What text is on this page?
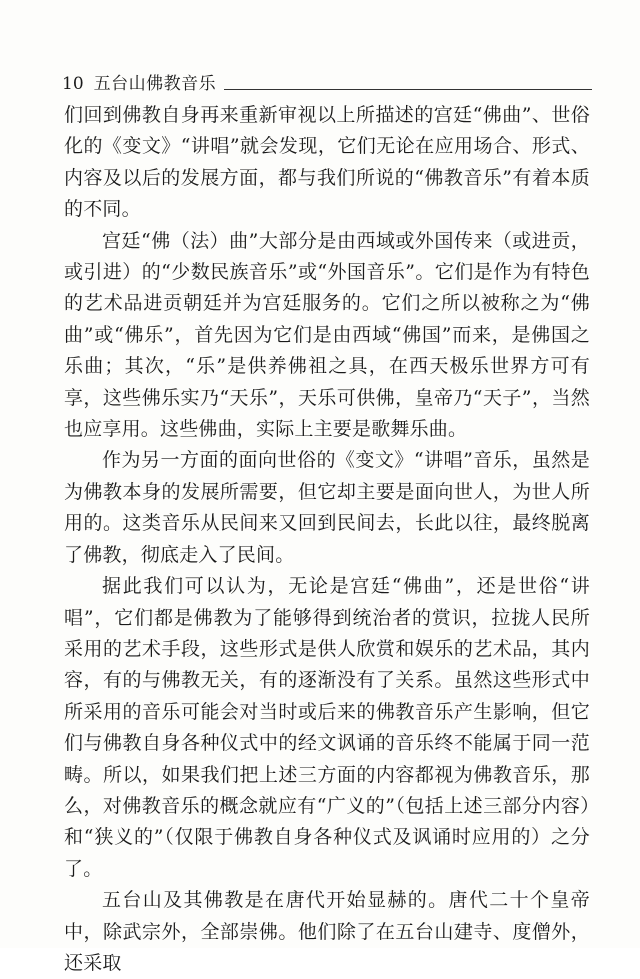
10 五台山佛教音乐

们回到佛教自身再来重新审视以上所描述的宫廷“佛曲”、世俗化的《变文》“讲唱”就会发现，它们无论在应用场合、形式、内容及以后的发展方面，都与我们所说的“佛教音乐”有着本质的不同。

宫廷“佛（法）曲”大部分是由西域或外国传来（或进贡，或引进）的“少数民族音乐”或“外国音乐”。它们是作为有特色的艺术品进贡朝廷并为宫廷服务的。它们之所以被称之为“佛曲”或“佛乐”，首先因为它们是由西域“佛国”而来，是佛国之乐曲；其次，“乐”是供养佛祖之具，在西天极乐世界方可有享，这些佛乐实乃“天乐”，天乐可供佛，皇帝乃“天子”，当然也应享用。这些佛曲，实际上主要是歌舞乐曲。

作为另一方面的面向世俗的《变文》“讲唱”音乐，虽然是为佛教本身的发展所需要，但它却主要是面向世人，为世人所用的。这类音乐从民间来又回到民间去，长此以往，最终脱离了佛教，彻底走入了民间。

据此我们可以认为，无论是宫廷“佛曲”，还是世俗“讲唱”，它们都是佛教为了能够得到统治者的赏识，拉拢人民所采用的艺术手段，这些形式是供人欣赏和娱乐的艺术品，其内容，有的与佛教无关，有的逐渐没有了关系。虽然这些形式中所采用的音乐可能会对当时或后来的佛教音乐产生影响，但它们与佛教自身各种仪式中的经文讽诵的音乐终不能属于同一范畴。所以，如果我们把上述三方面的内容都视为佛教音乐，那么，对佛教音乐的概念就应有“广义的”（包括上述三部分内容）和“狭义的”（仅限于佛教自身各种仪式及讽诵时应用的）之分了。

五台山及其佛教是在唐代开始显赫的。唐代二十个皇帝中，除武宗外，全部崇佛。他们除了在五台山建寺、度僧外，还采取
